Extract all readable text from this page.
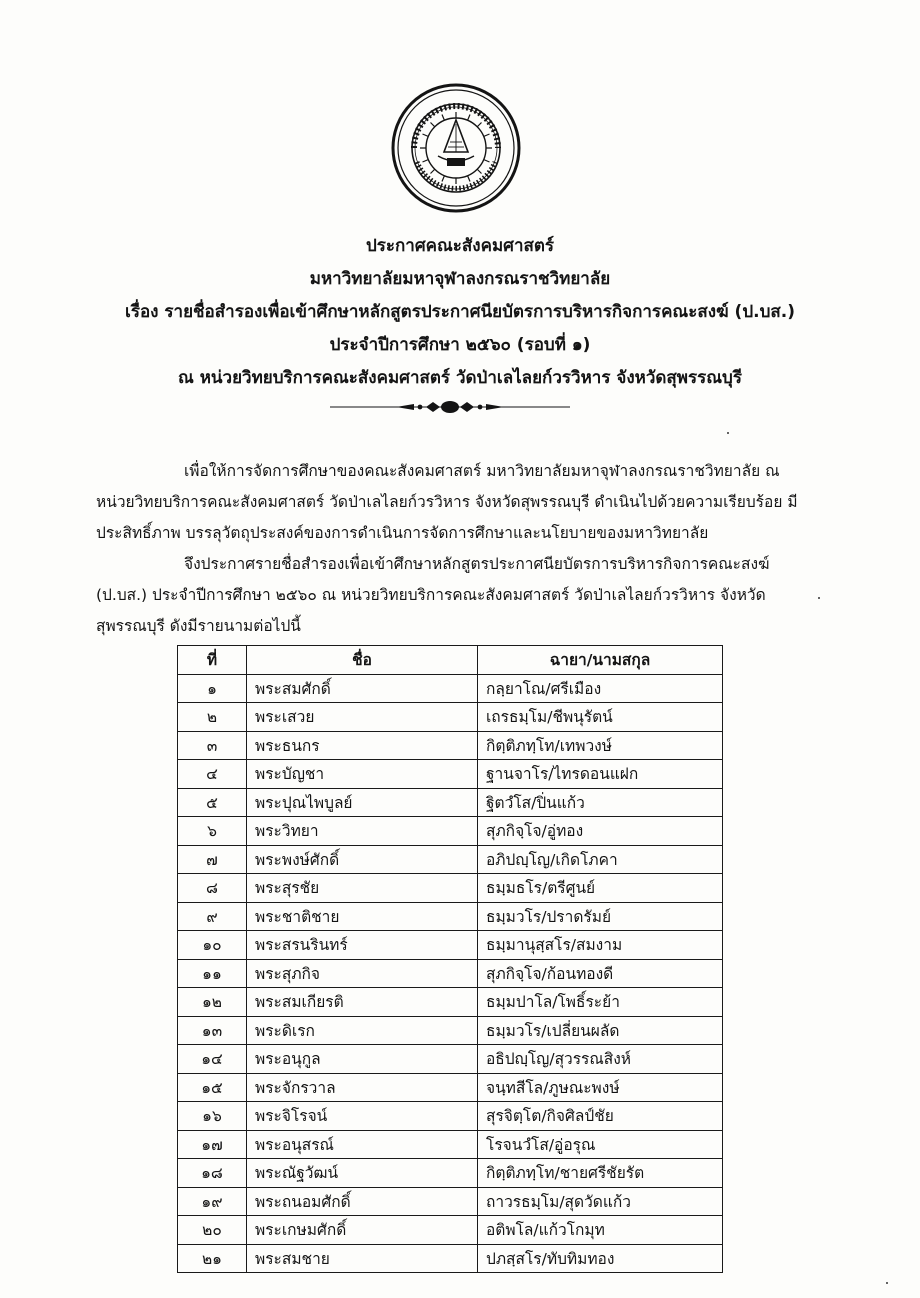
ประกาศคณะสังคมศาสตร์
มหาวิทยาลัยมหาจุฬาลงกรณราชวิทยาลัย
เรื่อง รายชื่อสำรองเพื่อเข้าศึกษาหลักสูตรประกาศนียบัตรการบริหารกิจการคณะสงฆ์ (ป.บส.)
ประจำปีการศึกษา ๒๕๖๐ (รอบที่ ๑)
ณ หน่วยวิทยบริการคณะสังคมศาสตร์ วัดป่าเลไลยก์วรวิหาร จังหวัดสุพรรณบุรี

เพื่อให้การจัดการศึกษาของคณะสังคมศาสตร์ มหาวิทยาลัยมหาจุฬาลงกรณราชวิทยาลัย ณ หน่วยวิทยบริการคณะสังคมศาสตร์ วัดป่าเลไลยก์วรวิหาร จังหวัดสุพรรณบุรี ดำเนินไปด้วยความเรียบร้อย มีประสิทธิ์ภาพ บรรลุวัตถุประสงค์ของการดำเนินการจัดการศึกษาและนโยบายของมหาวิทยาลัย

จึงประกาศรายชื่อสำรองเพื่อเข้าศึกษาหลักสูตรประกาศนียบัตรการบริหารกิจการคณะสงฆ์ (ป.บส.) ประจำปีการศึกษา ๒๕๖๐ ณ หน่วยวิทยบริการคณะสังคมศาสตร์ วัดป่าเลไลยก์วรวิหาร จังหวัด สุพรรณบุรี ดังมีรายนามต่อไปนี้

ที่	ชื่อ	ฉายา/นามสกุล
๑	พระสมศักดิ์	กลฺยาโณ/ศรีเมือง
๒	พระเสวย	เถรธมฺโม/ชีพนุรัตน์
๓	พระธนกร	กิตฺติภทฺโท/เทพวงษ์
๔	พระบัญชา	ฐานจาโร/ไทรดอนแฝก
๕	พระปุณไพบูลย์	ฐิตวํโส/ปิ่นแก้ว
๖	พระวิทยา	สุภกิจฺโจ/อู่ทอง
๗	พระพงษ์ศักดิ์	อภิปญฺโญ/เกิดโภคา
๘	พระสุรชัย	ธมฺมธโร/ตรีศูนย์
๙	พระชาติชาย	ธมฺมวโร/ปราดรัมย์
๑๐	พระสรนรินทร์	ธมฺมานุสฺสโร/สมงาม
๑๑	พระสุภกิจ	สุภกิจฺโจ/ก้อนทองดี
๑๒	พระสมเกียรติ	ธมฺมปาโล/โพธิ์ระย้า
๑๓	พระดิเรก	ธมฺมวโร/เปลี่ยนผลัด
๑๔	พระอนุกูล	อธิปญฺโญ/สุวรรณสิงห์
๑๕	พระจักรวาล	จนฺทสีโล/ภูษณะพงษ์
๑๖	พระจิโรจน์	สุรจิตฺโต/กิจศิลป์ชัย
๑๗	พระอนุสรณ์	โรจนวํโส/อู่อรุณ
๑๘	พระณัฐวัฒน์	กิตฺติภทฺโท/ชายศรีชัยรัต
๑๙	พระถนอมศักดิ์	ถาวรธมฺโม/สุดวัดแก้ว
๒๐	พระเกษมศักดิ์	อติพโล/แก้วโกมุท
๒๑	พระสมชาย	ปภสฺสโร/ทับทิมทอง
